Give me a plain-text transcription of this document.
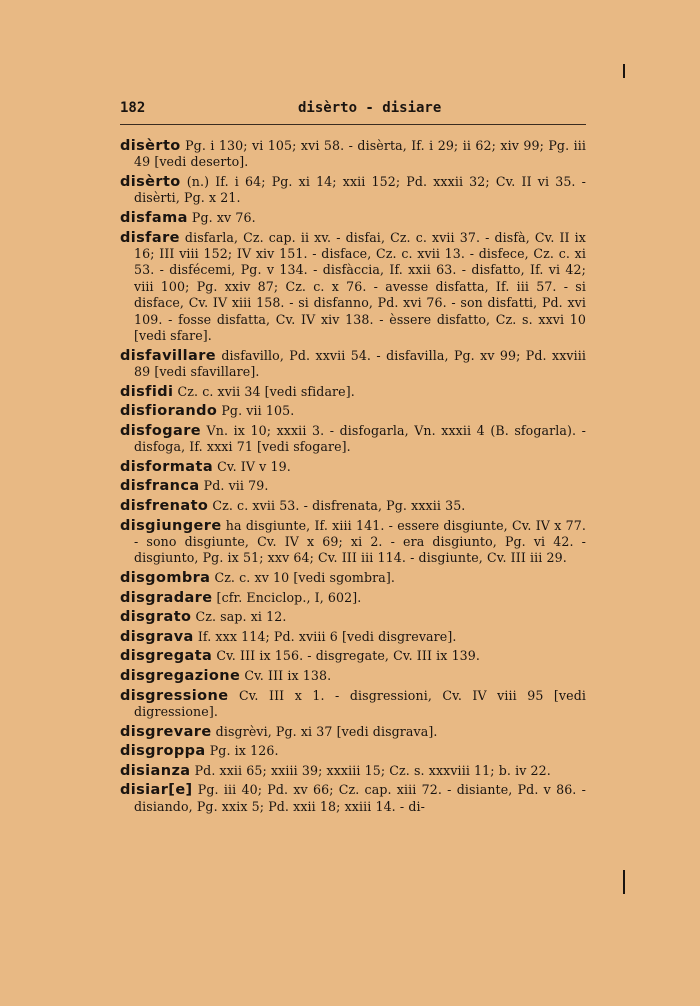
182	disèrto - disiare

disèrto Pg. i 130; vi 105; xvi 58. - disèrta, If. i 29; ii 62; xiv 99; Pg. iii 49 [vedi deserto].

disèrto (n.) If. i 64; Pg. xi 14; xxii 152; Pd. xxxii 32; Cv. II vi 35. - disèrti, Pg. x 21.

disfama Pg. xv 76.

disfare disfarla, Cz. cap. ii xv. - disfai, Cz. c. xvii 37. - disfà, Cv. II ix 16; III viii 152; IV xiv 151. - disface, Cz. c. xvii 13. - disfece, Cz. c. xi 53. - disfécemi, Pg. v 134. - disfàccia, If. xxii 63. - disfatto, If. vi 42; viii 100; Pg. xxiv 87; Cz. c. x 76. - avesse disfatta, If. iii 57. - si disface, Cv. IV xiii 158. - si disfanno, Pd. xvi 76. - son disfatti, Pd. xvi 109. - fosse disfatta, Cv. IV xiv 138. - èssere disfatto, Cz. s. xxvi 10 [vedi sfare].

disfavillare disfavillo, Pd. xxvii 54. - disfavilla, Pg. xv 99; Pd. xxviii 89 [vedi sfavillare].

disfidi Cz. c. xvii 34 [vedi sfidare].

disfiorando Pg. vii 105.

disfogare Vn. ix 10; xxxii 3. - disfogarla, Vn. xxxii 4 (B. sfogarla). - disfoga, If. xxxi 71 [vedi sfogare].

disformata Cv. IV v 19.

disfranca Pd. vii 79.

disfrenato Cz. c. xvii 53. - disfrenata, Pg. xxxii 35.

disgiungere ha disgiunte, If. xiii 141. - essere disgiunte, Cv. IV x 77. - sono disgiunte, Cv. IV x 69; xi 2. - era disgiunto, Pg. vi 42. - disgiunto, Pg. ix 51; xxv 64; Cv. III iii 114. - disgiunte, Cv. III iii 29.

disgombra Cz. c. xv 10 [vedi sgombra].

disgradare [cfr. Enciclop., I, 602].

disgrato Cz. sap. xi 12.

disgrava If. xxx 114; Pd. xviii 6 [vedi disgrevare].

disgregata Cv. III ix 156. - disgregate, Cv. III ix 139.

disgregazione Cv. III ix 138.

disgressione Cv. III x 1. - disgressioni, Cv. IV viii 95 [vedi digressione].

disgrevare disgrèvi, Pg. xi 37 [vedi disgrava].

disgroppa Pg. ix 126.

disianza Pd. xxii 65; xxiii 39; xxxiii 15; Cz. s. xxxviii 11; b. iv 22.

disiar[e] Pg. iii 40; Pd. xv 66; Cz. cap. xiii 72. - disiante, Pd. v 86. - disiando, Pg. xxix 5; Pd. xxii 18; xxiii 14. - di-
